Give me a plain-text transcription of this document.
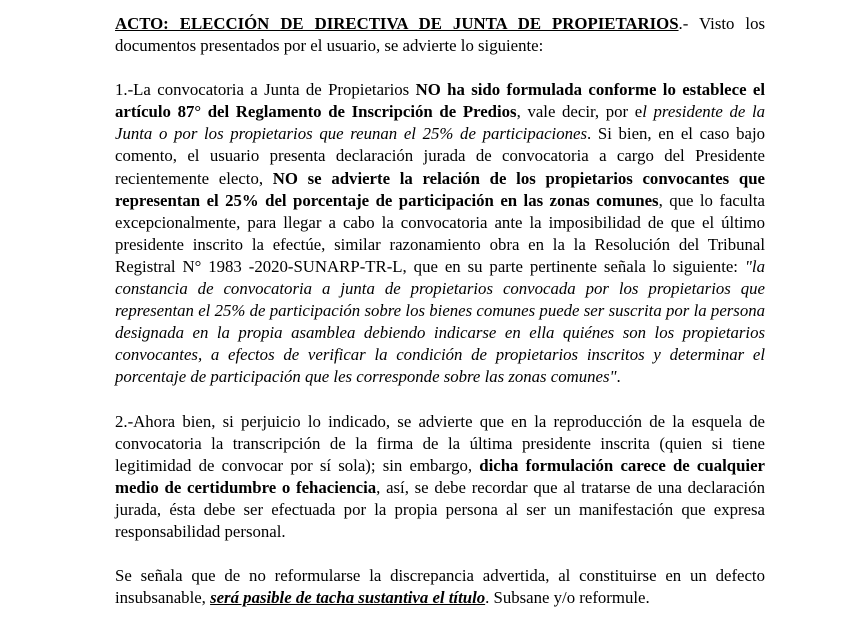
ACTO: ELECCIÓN DE DIRECTIVA DE JUNTA DE PROPIETARIOS.- Visto los documentos presentados por el usuario, se advierte lo siguiente:

1.-La convocatoria a Junta de Propietarios NO ha sido formulada conforme lo establece el artículo 87° del Reglamento de Inscripción de Predios, vale decir, por el presidente de la Junta o por los propietarios que reunan el 25% de participaciones. Si bien, en el caso bajo comento, el usuario presenta declaración jurada de convocatoria a cargo del Presidente recientemente electo, NO se advierte la relación de los propietarios convocantes que representan el 25% del porcentaje de participación en las zonas comunes, que lo faculta excepcionalmente, para llegar a cabo la convocatoria ante la imposibilidad de que el último presidente inscrito la efectúe, similar razonamiento obra en la la Resolución del Tribunal Registral N° 1983 -2020-SUNARP-TR-L, que en su parte pertinente señala lo siguiente: "la constancia de convocatoria a junta de propietarios convocada por los propietarios que representan el 25% de participación sobre los bienes comunes puede ser suscrita por la persona designada en la propia asamblea debiendo indicarse en ella quiénes son los propietarios convocantes, a efectos de verificar la condición de propietarios inscritos y determinar el porcentaje de participación que les corresponde sobre las zonas comunes".

2.-Ahora bien, si perjuicio lo indicado, se advierte que en la reproducción de la esquela de convocatoria la transcripción de la firma de la última presidente inscrita (quien si tiene legitimidad de convocar por sí sola); sin embargo, dicha formulación carece de cualquier medio de certidumbre o fehaciencia, así, se debe recordar que al tratarse de una declaración jurada, ésta debe ser efectuada por la propia persona al ser un manifestación que expresa responsabilidad personal.

Se señala que de no reformularse la discrepancia advertida, al constituirse en un defecto insubsanable, será pasible de tacha sustantiva el título. Subsane y/o reformule.
